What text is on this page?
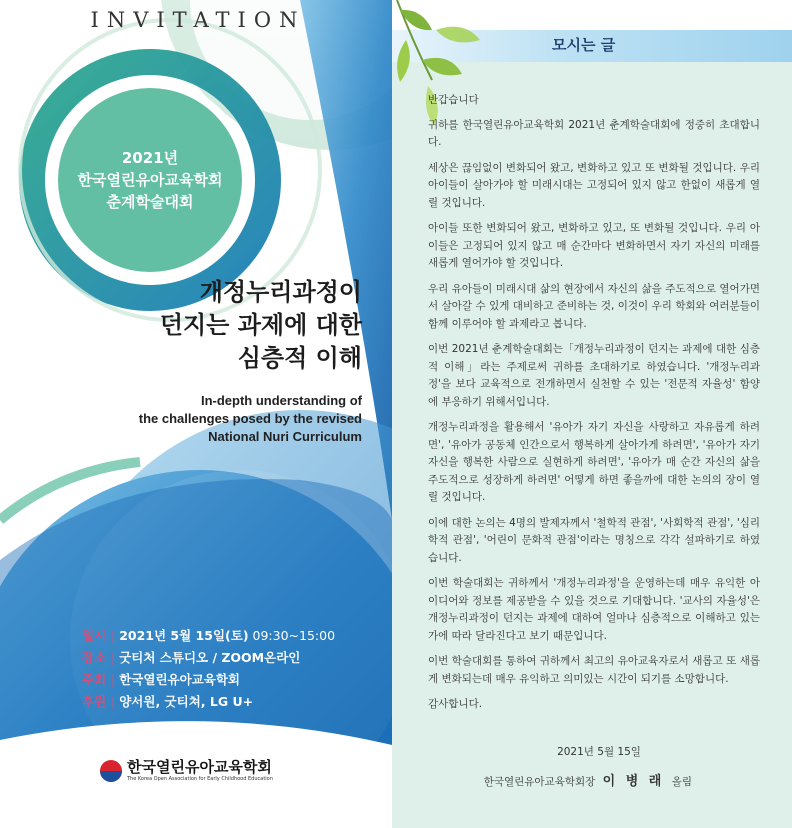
INVITATION
2021년
한국열린유아교육학회
춘계학술대회
개정누리과정이
던지는 과제에 대한
심층적 이해
In-depth understanding of
the challenges posed by the revised
National Nuri Curriculum
일시 | 2021년 5월 15일(토) 09:30~15:00
장소 | 굿티처 스튜디오 / ZOOM온라인
주최 | 한국열린유아교육학회
후원 | 양서원, 굿티쳐, LG U+
한국열린유아교육학회
The Korea Open Association for Early Childhood Education
모시는 글

반갑습니다

귀하를 한국열린유아교육학회 2021년 춘계학술대회에 정중히 초대합니다.

세상은 끊임없이 변화되어 왔고, 변화하고 있고 또 변화될 것입니다. 우리 아이들이 살아가야 할 미래시대는 고정되어 있지 않고 한없이 새롭게 열릴 것입니다.

아이들 또한 변화되어 왔고, 변화하고 있고, 또 변화될 것입니다. 우리 아이들은 고정되어 있지 않고 매 순간마다 변화하면서 자기 자신의 미래를 새롭게 열어가야 할 것입니다.

우리 유아들이 미래시대 삶의 현장에서 자신의 삶을 주도적으로 열어가면서 살아갈 수 있게 대비하고 준비하는 것, 이것이 우리 학회와 여러분들이 함께 이루어야 할 과제라고 봅니다.

이번 2021년 춘계학술대회는「개정누리과정이 던지는 과제에 대한 심층적 이해」라는 주제로써 귀하를 초대하기로 하였습니다. '개정누리과정'을 보다 교육적으로 전개하면서 실천할 수 있는 '전문적 자율성' 함양에 부응하기 위해서입니다.

개정누리과정을 활용해서 '유아가 자기 자신을 사랑하고 자유롭게 하려면', '유아가 공동체 인간으로서 행복하게 살아가게 하려면', '유아가 자기 자신을 행복한 사람으로 실현하게 하려면', '유아가 매 순간 자신의 삶을 주도적으로 성장하게 하려면' 어떻게 하면 좋을까에 대한 논의의 장이 열릴 것입니다.

이에 대한 논의는 4명의 발제자께서 '철학적 관점', '사회학적 관점', '심리학적 관점', '어린이 문화적 관점'이라는 명칭으로 각각 설파하기로 하였습니다.

이번 학술대회는 귀하께서 '개정누리과정'을 운영하는데 매우 유익한 아이디어와 정보를 제공받을 수 있을 것으로 기대합니다. '교사의 자율성'은 개정누리과정이 던지는 과제에 대하여 얼마나 심층적으로 이해하고 있는가에 따라 달라진다고 보기 때문입니다.

이번 학술대회를 통하여 귀하께서 최고의 유아교육자로서 새롭고 또 새롭게 변화되는데 매우 유익하고 의미있는 시간이 되기를 소망합니다.

감사합니다.

2021년 5월 15일
한국열린유아교육학회장 이 병 래 올림
